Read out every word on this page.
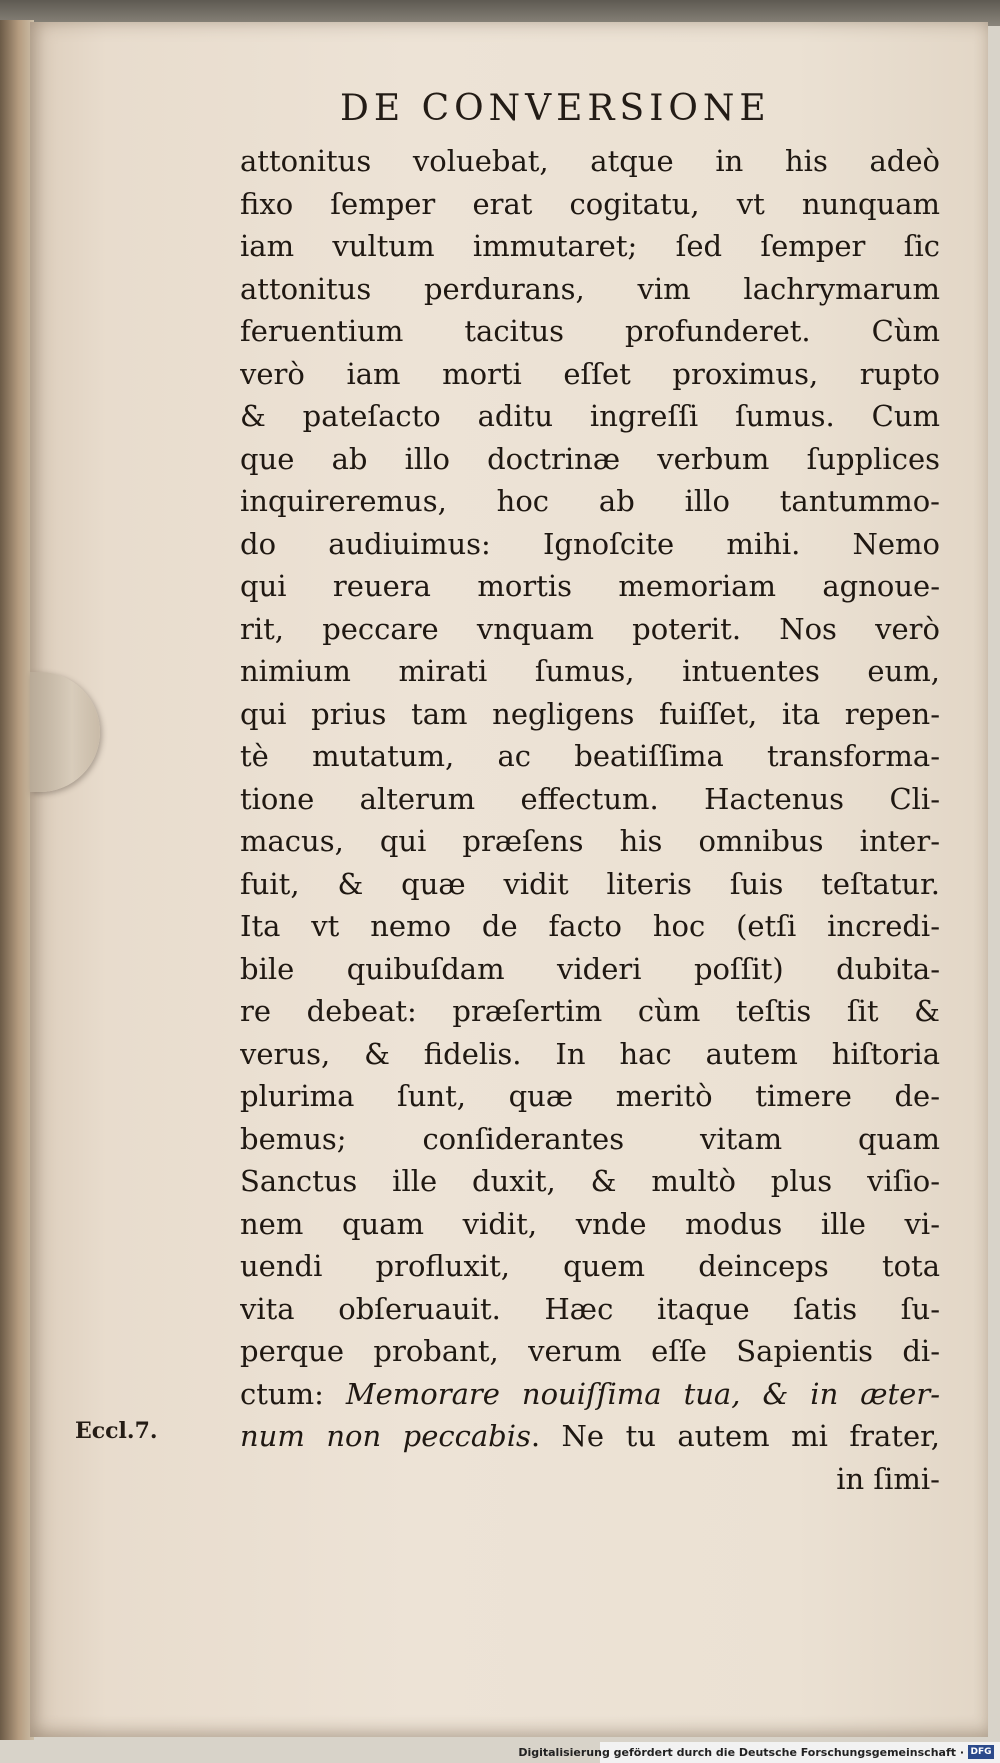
DE CONVERSIONE
attonitus voluebat, atque in his adeò
fixo ſemper erat cogitatu, vt nunquam
iam vultum immutaret; ſed ſemper ſic
attonitus perdurans, vim lachrymarum
feruentium tacitus profunderet. Cùm
verò iam morti eſſet proximus, rupto
& pateſacto aditu ingreſſi ſumus. Cum
que ab illo doctrinæ verbum ſupplices
inquireremus, hoc ab illo tantummo-
do audiuimus: Ignoſcite mihi. Nemo
qui reuera mortis memoriam agnoue-
rit, peccare vnquam poterit. Nos verò
nimium mirati ſumus, intuentes eum,
qui prius tam negligens fuiſſet, ita repen-
tè mutatum, ac beatiſſima transforma-
tione alterum effectum. Hactenus Cli-
macus, qui præſens his omnibus inter-
fuit, & quæ vidit literis ſuis teſtatur.
Ita vt nemo de facto hoc (etſi incredi-
bile quibuſdam videri poſſit) dubita-
re debeat: præſertim cùm teſtis ſit &
verus, & fidelis. In hac autem hiſtoria
plurima ſunt, quæ meritò timere de-
bemus; conſiderantes vitam quam
Sanctus ille duxit, & multò plus viſio-
nem quam vidit, vnde modus ille vi-
uendi profluxit, quem deinceps tota
vita obſeruauit. Hæc itaque ſatis ſu-
perque probant, verum eſſe Sapientis di-
ctum: Memorare nouiſſima tua, & in æter-
num non peccabis. Ne tu autem mi frater,
in ſimi-
Eccl.7.
Digitalisierung gefördert durch die Deutsche Forschungsgemeinschaft · DFG
